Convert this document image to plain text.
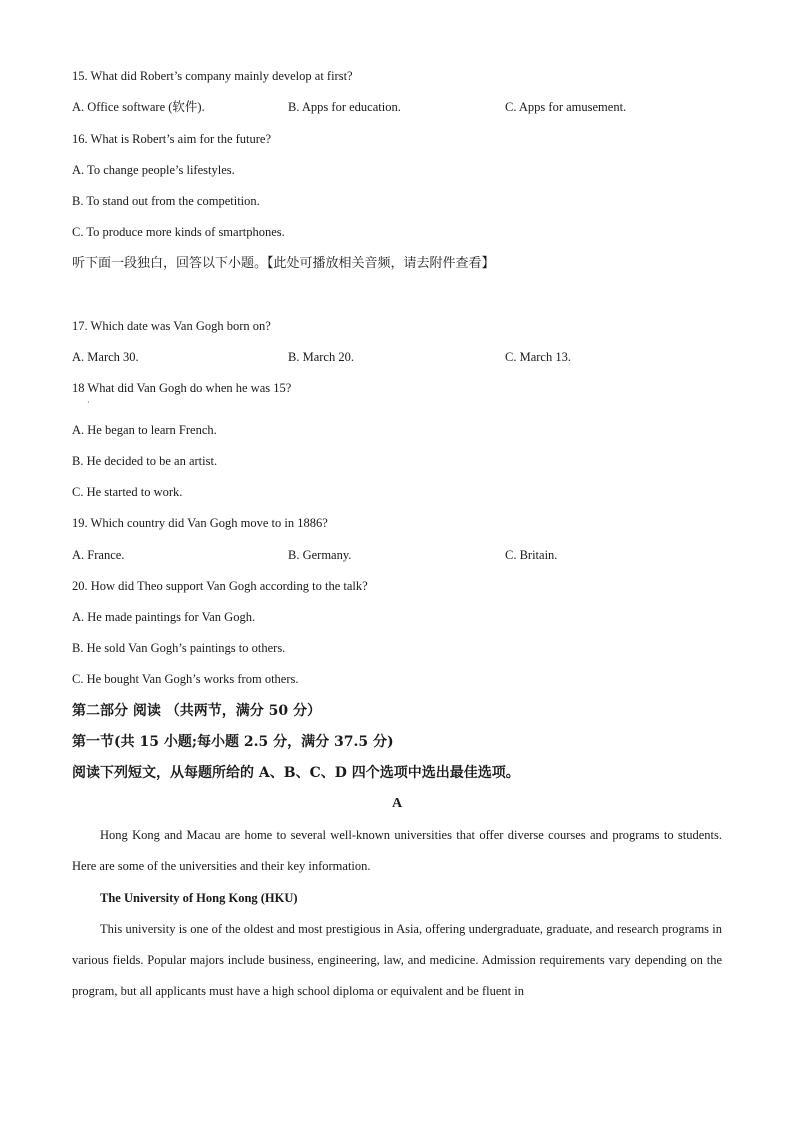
15. What did Robert’s company mainly develop at first?
A. Office software (软件).	B. Apps for education.	C. Apps for amusement.
16. What is Robert’s aim for the future?
A. To change people’s lifestyles.
B. To stand out from the competition.
C. To produce more kinds of smartphones.
听下面一段独白，回答以下小题。【此处可播放相关音频，请去附件查看】
17. Which date was Van Gogh born on?
A. March 30.	B. March 20.	C. March 13.
18 What did Van Gogh do when he was 15?
·
A. He began to learn French.
B. He decided to be an artist.
C. He started to work.
19. Which country did Van Gogh move to in 1886?
A. France.	B. Germany.	C. Britain.
20. How did Theo support Van Gogh according to the talk?
A. He made paintings for Van Gogh.
B. He sold Van Gogh’s paintings to others.
C. He bought Van Gogh’s works from others.
第二部分 阅读 （共两节，满分 50 分）
第一节(共 15 小题;每小题 2.5 分，满分 37.5 分)
阅读下列短文，从每题所给的 A、B、C、D 四个选项中选出最佳选项。
A
Hong Kong and Macau are home to several well-known universities that offer diverse courses and programs to students. Here are some of the universities and their key information.
The University of Hong Kong (HKU)
This university is one of the oldest and most prestigious in Asia, offering undergraduate, graduate, and research programs in various fields. Popular majors include business, engineering, law, and medicine. Admission requirements vary depending on the program, but all applicants must have a high school diploma or equivalent and be fluent in
